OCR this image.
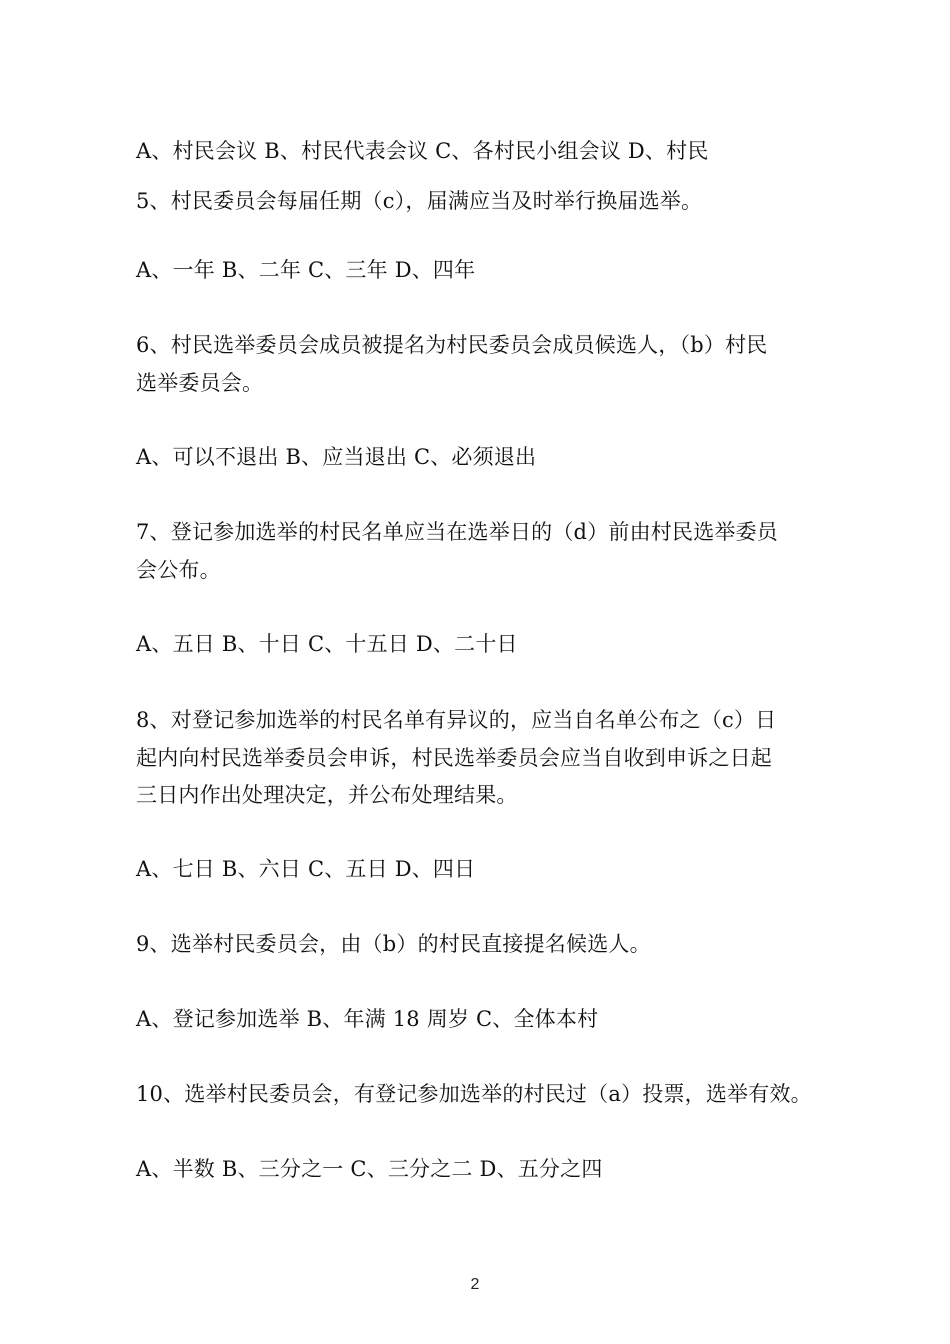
A、村民会议 B、村民代表会议 C、各村民小组会议 D、村民
5、村民委员会每届任期（c），届满应当及时举行换届选举。
A、一年 B、二年 C、三年 D、四年
6、村民选举委员会成员被提名为村民委员会成员候选人，（b）村民
选举委员会。
A、可以不退出 B、应当退出 C、必须退出
7、登记参加选举的村民名单应当在选举日的（d）前由村民选举委员
会公布。
A、五日 B、十日 C、十五日 D、二十日
8、对登记参加选举的村民名单有异议的，应当自名单公布之（c）日
起内向村民选举委员会申诉，村民选举委员会应当自收到申诉之日起
三日内作出处理决定，并公布处理结果。
A、七日 B、六日 C、五日 D、四日
9、选举村民委员会，由（b）的村民直接提名候选人。
A、登记参加选举 B、年满 18 周岁 C、全体本村
10、选举村民委员会，有登记参加选举的村民过（a）投票，选举有效。
A、半数 B、三分之一 C、三分之二 D、五分之四
2
